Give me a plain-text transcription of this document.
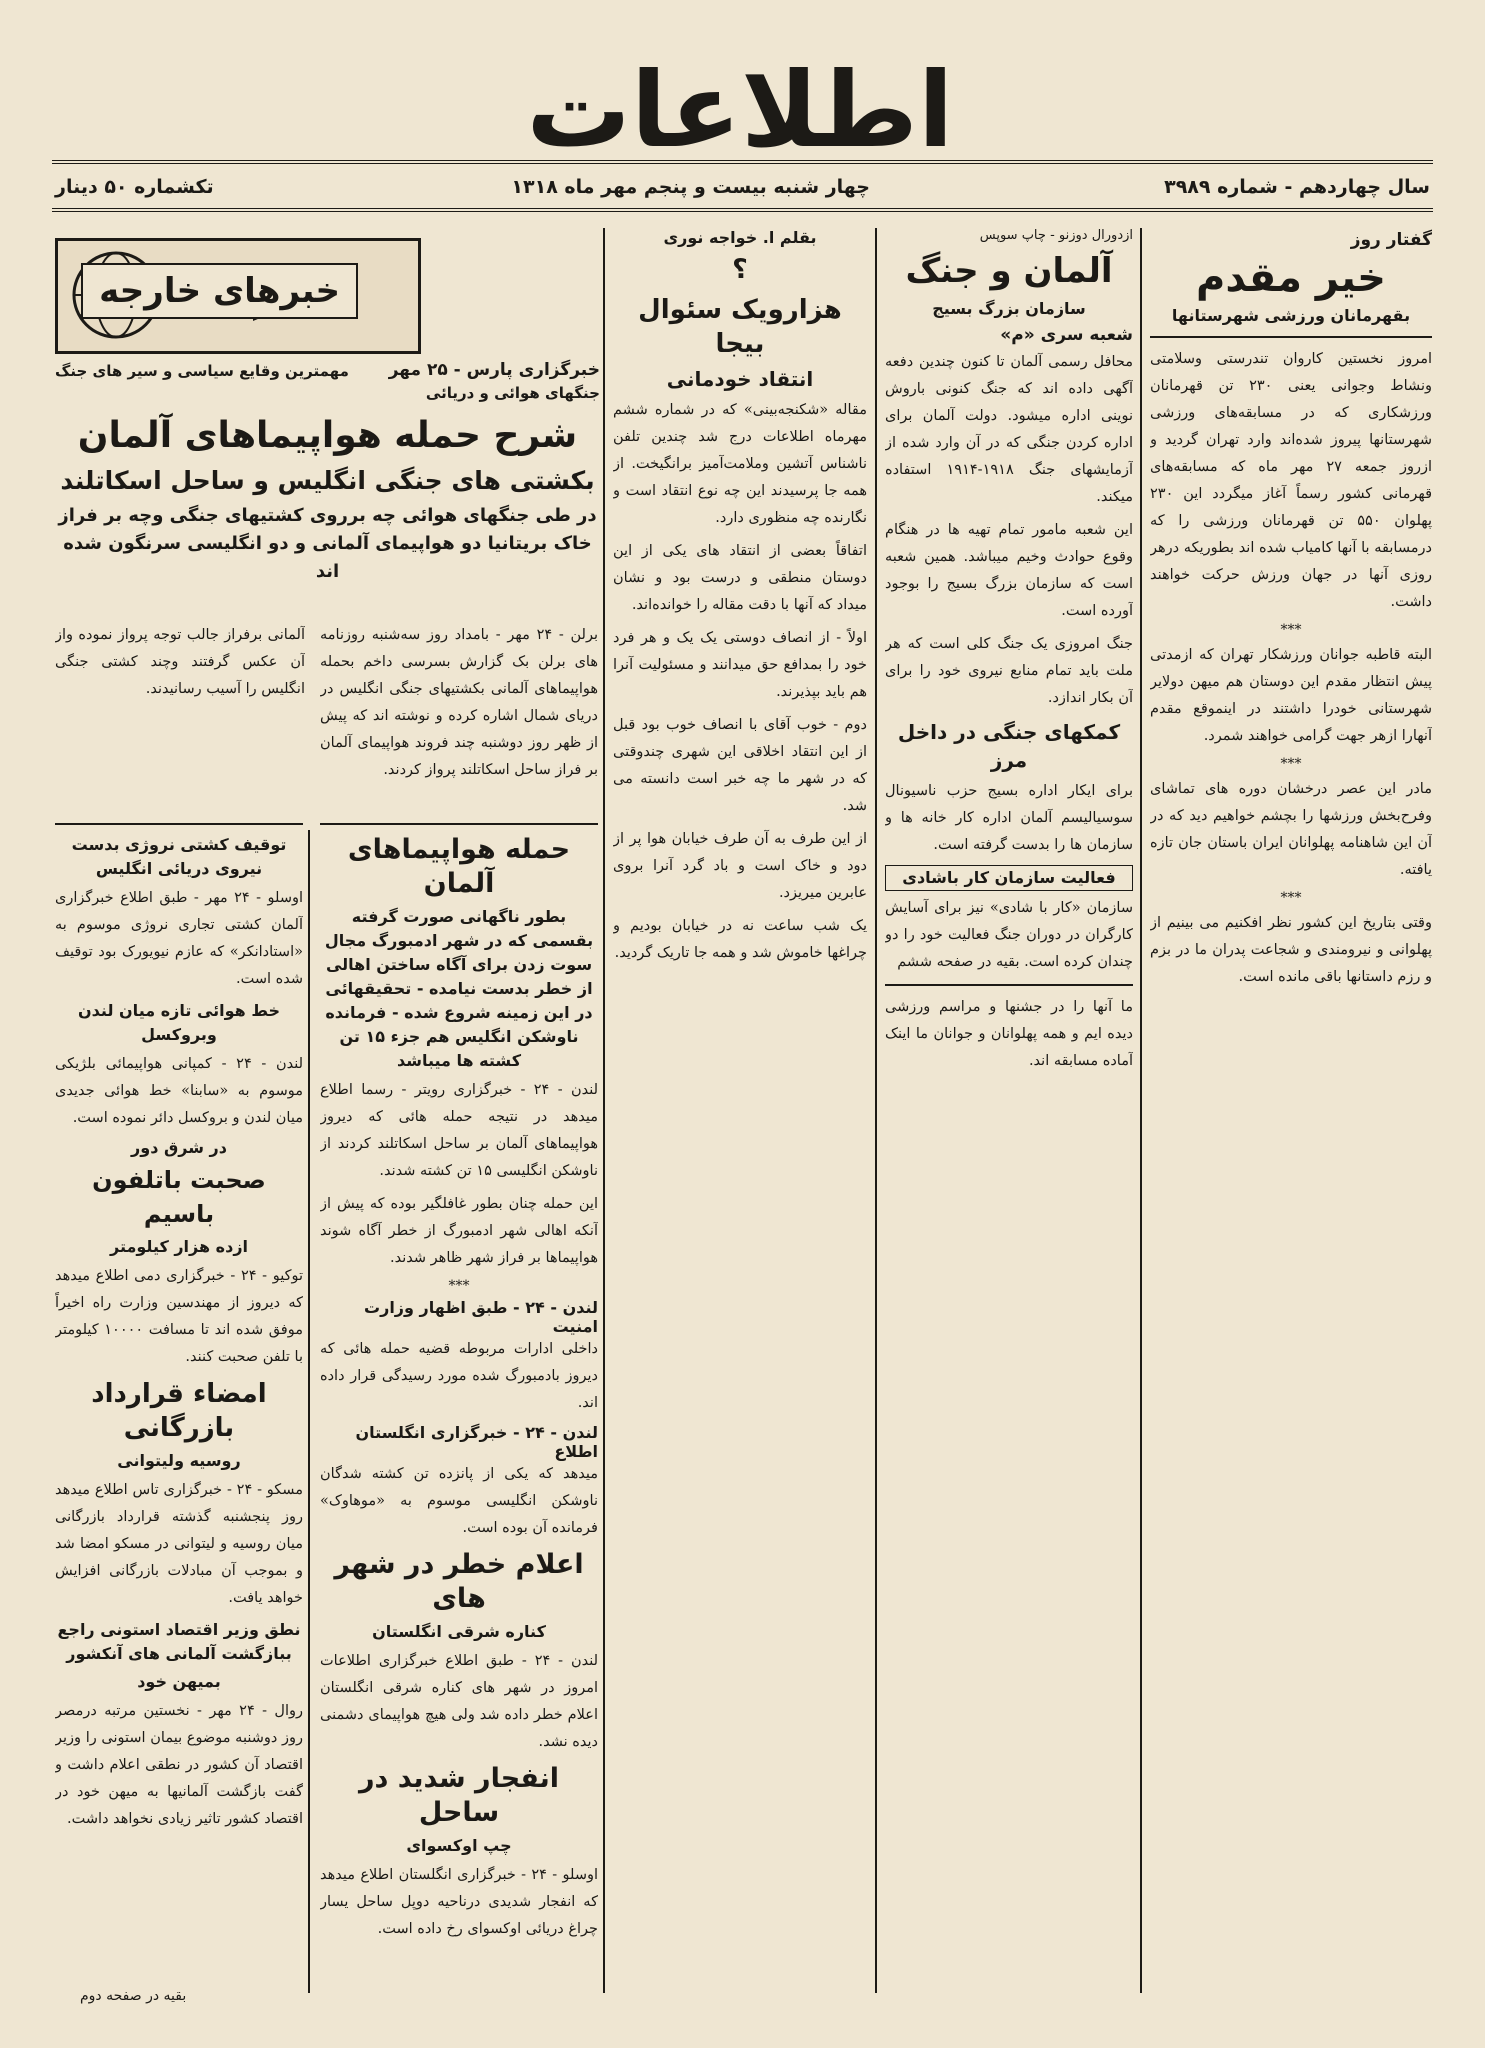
اطلاعات
سال چهاردهم - شماره ۳۹۸۹
چهار شنبه بیست و پنجم مهر ماه ۱۳۱۸
تکشماره ۵۰ دینار
گفتار روز
خیر مقدم
بقهرمانان ورزشی شهرستانها

امروز نخستین کاروان تندرستی وسلامتی ونشاط وجوانی یعنی ۲۳۰ تن قهرمانان ورزشکاری که در مسابقه‌های ورزشی شهرستانها پیروز شده‌اند وارد تهران گردید و ازروز جمعه ۲۷ مهر ماه که مسابقه‌های قهرمانی کشور رسماً آغاز میگردد این ۲۳۰ پهلوان ۵۵۰ تن قهرمانان ورزشی را که درمسابقه با آنها کامیاب شده اند بطوریکه درهر روزی آنها در جهان ورزش حرکت خواهند داشت.

***

البته قاطبه جوانان ورزشکار تهران که ازمدتی پیش انتظار مقدم این دوستان هم میهن دولایر شهرستانی خودرا داشتند در اینموقع مقدم آنهارا ازهر جهت گرامی خواهند شمرد.

***

مادر این عصر درخشان دوره های تماشای وفرح‌بخش ورزشها را بچشم خواهیم دید که در آن این شاهنامه پهلوانان ایران باستان جان تازه یافته.

***

وقتی بتاریخ این کشور نظر افکنیم می بینیم از پهلوانی و نیرومندی و شجاعت پدران ما در بزم و رزم داستانها باقی مانده است.

ازدورال دوزنو - چاپ سوپس
آلمان و جنگ
سازمان بزرگ بسیج
شعبه سری «م»

محافل رسمی آلمان تا کنون چندین دفعه آگهی داده اند که جنگ کنونی باروش نوینی اداره میشود. دولت آلمان برای اداره کردن جنگی که در آن وارد شده از آزمایشهای جنگ ۱۹۱۸-۱۹۱۴ استفاده میکند.

این شعبه مامور تمام تهیه ها در هنگام وقوع حوادث وخیم میباشد. همین شعبه است که سازمان بزرگ بسیج را بوجود آورده است.

جنگ امروزی یک جنگ کلی است که هر ملت باید تمام منابع نیروی خود را برای آن بکار اندازد.

کمکهای جنگی در داخل مرز

برای ایکار اداره بسیج حزب ناسیونال سوسیالیسم آلمان اداره کار خانه ها و سازمان ها را بدست گرفته است.

فعالیت سازمان کار باشادی

سازمان «کار با شادی» نیز برای آسایش کارگران در دوران جنگ فعالیت خود را دو چندان کرده است. بقیه در صفحه ششم

ما آنها را در جشنها و مراسم ورزشی دیده ایم و همه پهلوانان و جوانان ما اینک آماده مسابقه اند.

بقلم ا. خواجه نوری
؟
هزارویک سئوال بیجا
انتقاد خودمانی

مقاله «شکنجه‌بینی» که در شماره ششم مهرماه اطلاعات درج شد چندین تلفن ناشناس آتشین وملامت‌آمیز برانگیخت. از همه جا پرسیدند این چه نوع انتقاد است و نگارنده چه منظوری دارد.

اتفاقاً بعضی از انتقاد های یکی از این دوستان منطقی و درست بود و نشان میداد که آنها با دقت مقاله را خوانده‌اند.

اولاً - از انصاف دوستی یک یک و هر فرد خود را بمدافع حق میدانند و مسئولیت آنرا هم باید بپذیرند.

دوم - خوب آقای با انصاف خوب بود قبل از این انتقاد اخلاقی این شهری چندوقتی که در شهر ما چه خبر است دانسته می شد.

از این طرف به آن طرف خیابان هوا پر از دود و خاک است و باد گرد آنرا بروی عابرین میریزد.

یک شب ساعت نه در خیابان بودیم و چراغها خاموش شد و همه جا تاریک گردید.

خبرهای خارجه
خبرگزاری پارس - ۲۵ مهر
جنگهای هوائی و دریائی
مهمترین وقایع سیاسی و سیر های جنگ
شرح حمله هواپیماهای آلمان
بکشتی های جنگی انگلیس و ساحل اسکاتلند
در طی جنگهای هوائی چه برروی کشتیهای جنگی وچه بر فراز خاک بریتانیا دو هواپیمای آلمانی و دو انگلیسی سرنگون شده اند

برلن - ۲۴ مهر - بامداد روز سه‌شنبه روزنامه های برلن بک گزارش بسرسی داخم بحمله هواپیماهای آلمانی بکشتیهای جنگی انگلیس در دریای شمال اشاره کرده و نوشته اند که پیش از ظهر روز دوشنبه چند فروند هواپیمای آلمان بر فراز ساحل اسکاتلند پرواز کردند.

آلمانی برفراز جالب توجه پرواز نموده واز آن عکس گرفتند وچند کشتی جنگی انگلیس را آسیب رسانیدند.

حمله هواپیماهای آلمان
بطور ناگهانی صورت گرفته بقسمی که در شهر ادمبورگ مجال سوت زدن برای آگاه ساختن اهالی از خطر بدست نیامده - تحقیقهائی در این زمینه شروع شده - فرمانده ناوشکن انگلیس هم جزء ۱۵ تن کشته ها میباشد

لندن - ۲۴ - خبرگزاری رویتر - رسما اطلاع میدهد در نتیجه حمله هائی که دیروز هواپیماهای آلمان بر ساحل اسکاتلند کردند از ناوشکن انگلیسی ۱۵ تن کشته شدند.

این حمله چنان بطور غافلگیر بوده که پیش از آنکه اهالی شهر ادمبورگ از خطر آگاه شوند هواپیماها بر فراز شهر ظاهر شدند.

***
لندن - ۲۴ - طبق اظهار وزارت امنیت

داخلی ادارات مربوطه قضیه حمله هائی که دیروز بادمبورگ شده مورد رسیدگی قرار داده اند.

لندن - ۲۴ - خبرگزاری انگلستان اطلاع

میدهد که یکی از پانزده تن کشته شدگان ناوشکن انگلیسی موسوم به «موهاوک» فرمانده آن بوده است.

اعلام خطر در شهر های
کناره شرقی انگلستان

لندن - ۲۴ - طبق اطلاع خبرگزاری اطلاعات امروز در شهر های کناره شرقی انگلستان اعلام خطر داده شد ولی هیچ هواپیمای دشمنی دیده نشد.

انفجار شدید در ساحل
چپ اوکسوای

اوسلو - ۲۴ - خبرگزاری انگلستان اطلاع میدهد که انفجار شدیدی درناحیه دوپل ساحل یسار چراغ دریائی اوکسوای رخ داده است.

توقیف کشتی نروژی بدست نیروی دریائی انگلیس

اوسلو - ۲۴ مهر - طبق اطلاع خبرگزاری آلمان کشتی تجاری نروژی موسوم به «استادانکر» که عازم نیویورک بود توقیف شده است.

خط هوائی تازه میان لندن وبروکسل

لندن - ۲۴ - کمپانی هواپیمائی بلژیکی موسوم به «سابنا» خط هوائی جدیدی میان لندن و بروکسل دائر نموده است.

در شرق دور
صحبت باتلفون باسیم
ازده هزار کیلومتر

توکیو - ۲۴ - خبرگزاری دمی اطلاع میدهد که دیروز از مهندسین وزارت راه اخیراً موفق شده اند تا مسافت ۱۰۰۰۰ کیلومتر با تلفن صحبت کنند.

امضاء قرارداد بازرگانی
روسیه ولیتوانی

مسکو - ۲۴ - خبرگزاری تاس اطلاع میدهد روز پنجشنبه گذشته قرارداد بازرگانی میان روسیه و لیتوانی در مسکو امضا شد و بموجب آن مبادلات بازرگانی افزایش خواهد یافت.

نطق وزیر اقتصاد استونی راجع ببازگشت آلمانی های آنکشور
بمیهن خود

روال - ۲۴ مهر - نخستین مرتبه درمصر روز دوشنبه موضوع بیمان استونی را وزیر اقتصاد آن کشور در نطقی اعلام داشت و گفت بازگشت آلمانیها به میهن خود در اقتصاد کشور تاثیر زیادی نخواهد داشت.

بقیه در صفحه دوم
